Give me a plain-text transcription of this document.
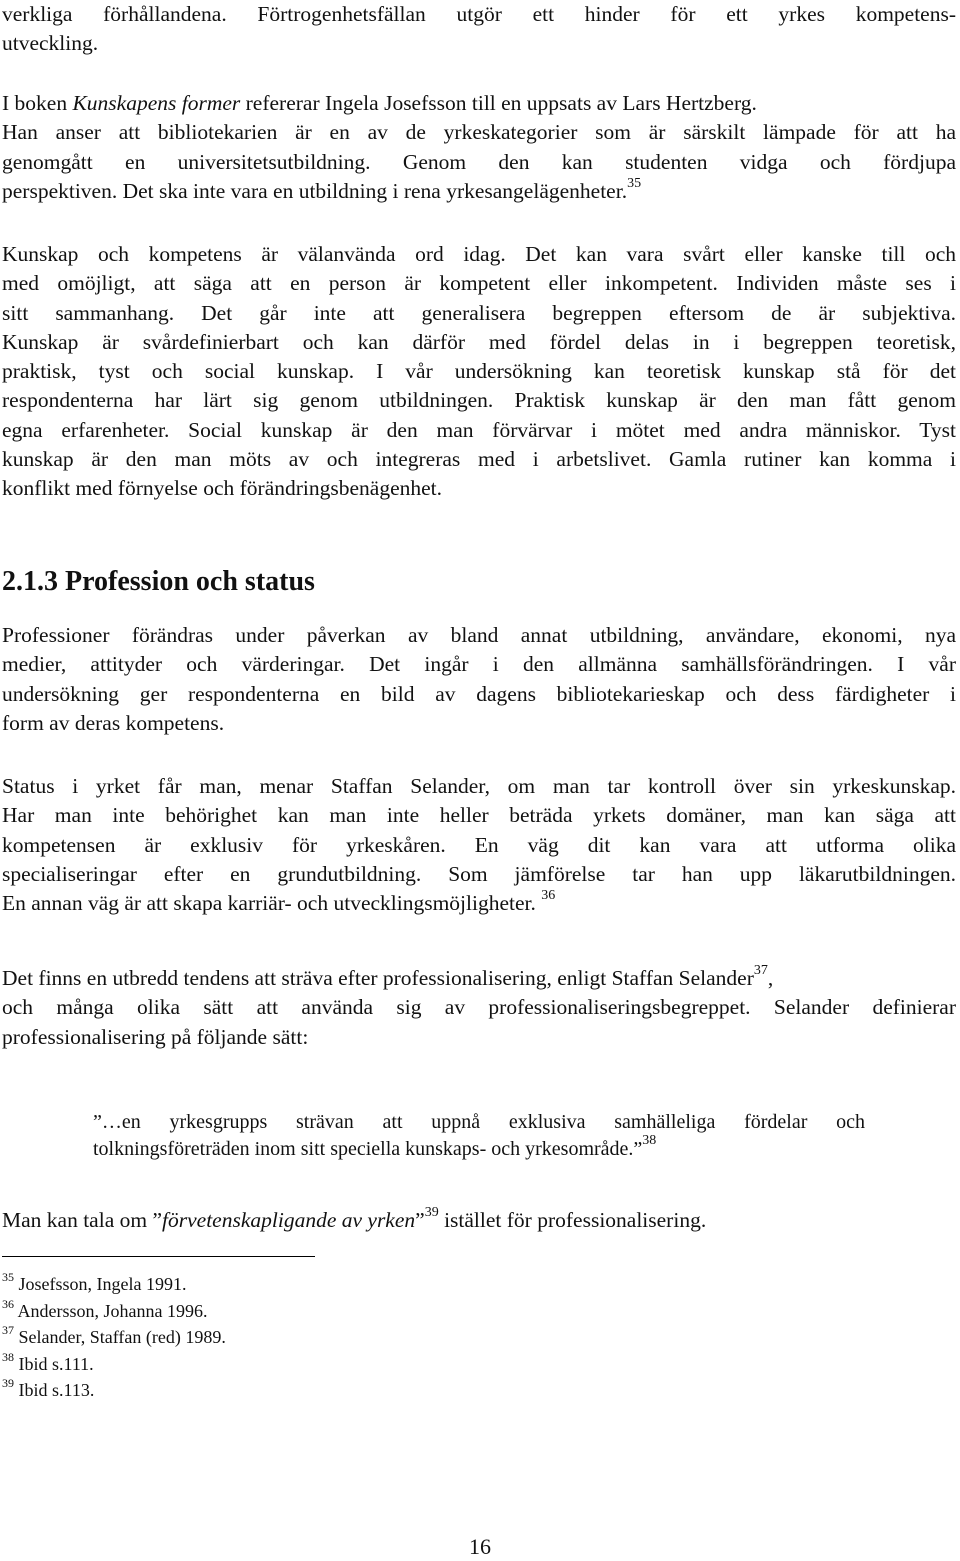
verkliga förhållandena. Förtrogenhetsfällan utgör ett hinder för ett yrkes kompetens-
utveckling.
I boken Kunskapens former refererar Ingela Josefsson till en uppsats av Lars Hertzberg.
Han anser att bibliotekarien är en av de yrkeskategorier som är särskilt lämpade för att ha
genomgått en universitetsutbildning. Genom den kan studenten vidga och fördjupa
perspektiven. Det ska inte vara en utbildning i rena yrkesangelägenheter.$^{35}$
Kunskap och kompetens är välanvända ord idag. Det kan vara svårt eller kanske till och
med omöjligt, att säga att en person är kompetent eller inkompetent. Individen måste ses i
sitt sammanhang. Det går inte att generalisera begreppen eftersom de är subjektiva.
Kunskap är svårdefinierbart och kan därför med fördel delas in i begreppen teoretisk,
praktisk, tyst och social kunskap. I vår undersökning kan teoretisk kunskap stå för det
respondenterna har lärt sig genom utbildningen. Praktisk kunskap är den man fått genom
egna erfarenheter. Social kunskap är den man förvärvar i mötet med andra människor. Tyst
kunskap är den man möts av och integreras med i arbetslivet. Gamla rutiner kan komma i
konflikt med förnyelse och förändringsbenägenhet.
2.1.3 Profession och status
Professioner förändras under påverkan av bland annat utbildning, användare, ekonomi, nya
medier, attityder och värderingar. Det ingår i den allmänna samhällsförändringen. I vår
undersökning ger respondenterna en bild av dagens bibliotekarieskap och dess färdigheter i
form av deras kompetens.
Status i yrket får man, menar Staffan Selander, om man tar kontroll över sin yrkeskunskap.
Har man inte behörighet kan man inte heller beträda yrkets domäner, man kan säga att
kompetensen är exklusiv för yrkeskåren. En väg dit kan vara att utforma olika
specialiseringar efter en grundutbildning. Som jämförelse tar han upp läkarutbildningen.
En annan väg är att skapa karriär- och utvecklingsmöjligheter. $^{36}$
Det finns en utbredd tendens att sträva efter professionalisering, enligt Staffan Selander$^{37}$,
och många olika sätt att använda sig av professionaliseringsbegreppet. Selander definierar
professionalisering på följande sätt:
”…en yrkesgrupps strävan att uppnå exklusiva samhälleliga fördelar och
tolkningsföreträden inom sitt speciella kunskaps- och yrkesområde.”$^{38}$
Man kan tala om ”förvetenskapligande av yrken”$^{39}$ istället för professionalisering.
$^{35}$ Josefsson, Ingela 1991.
$^{36}$ Andersson, Johanna 1996.
$^{37}$ Selander, Staffan (red) 1989.
$^{38}$ Ibid s.111.
$^{39}$ Ibid s.113.
16
